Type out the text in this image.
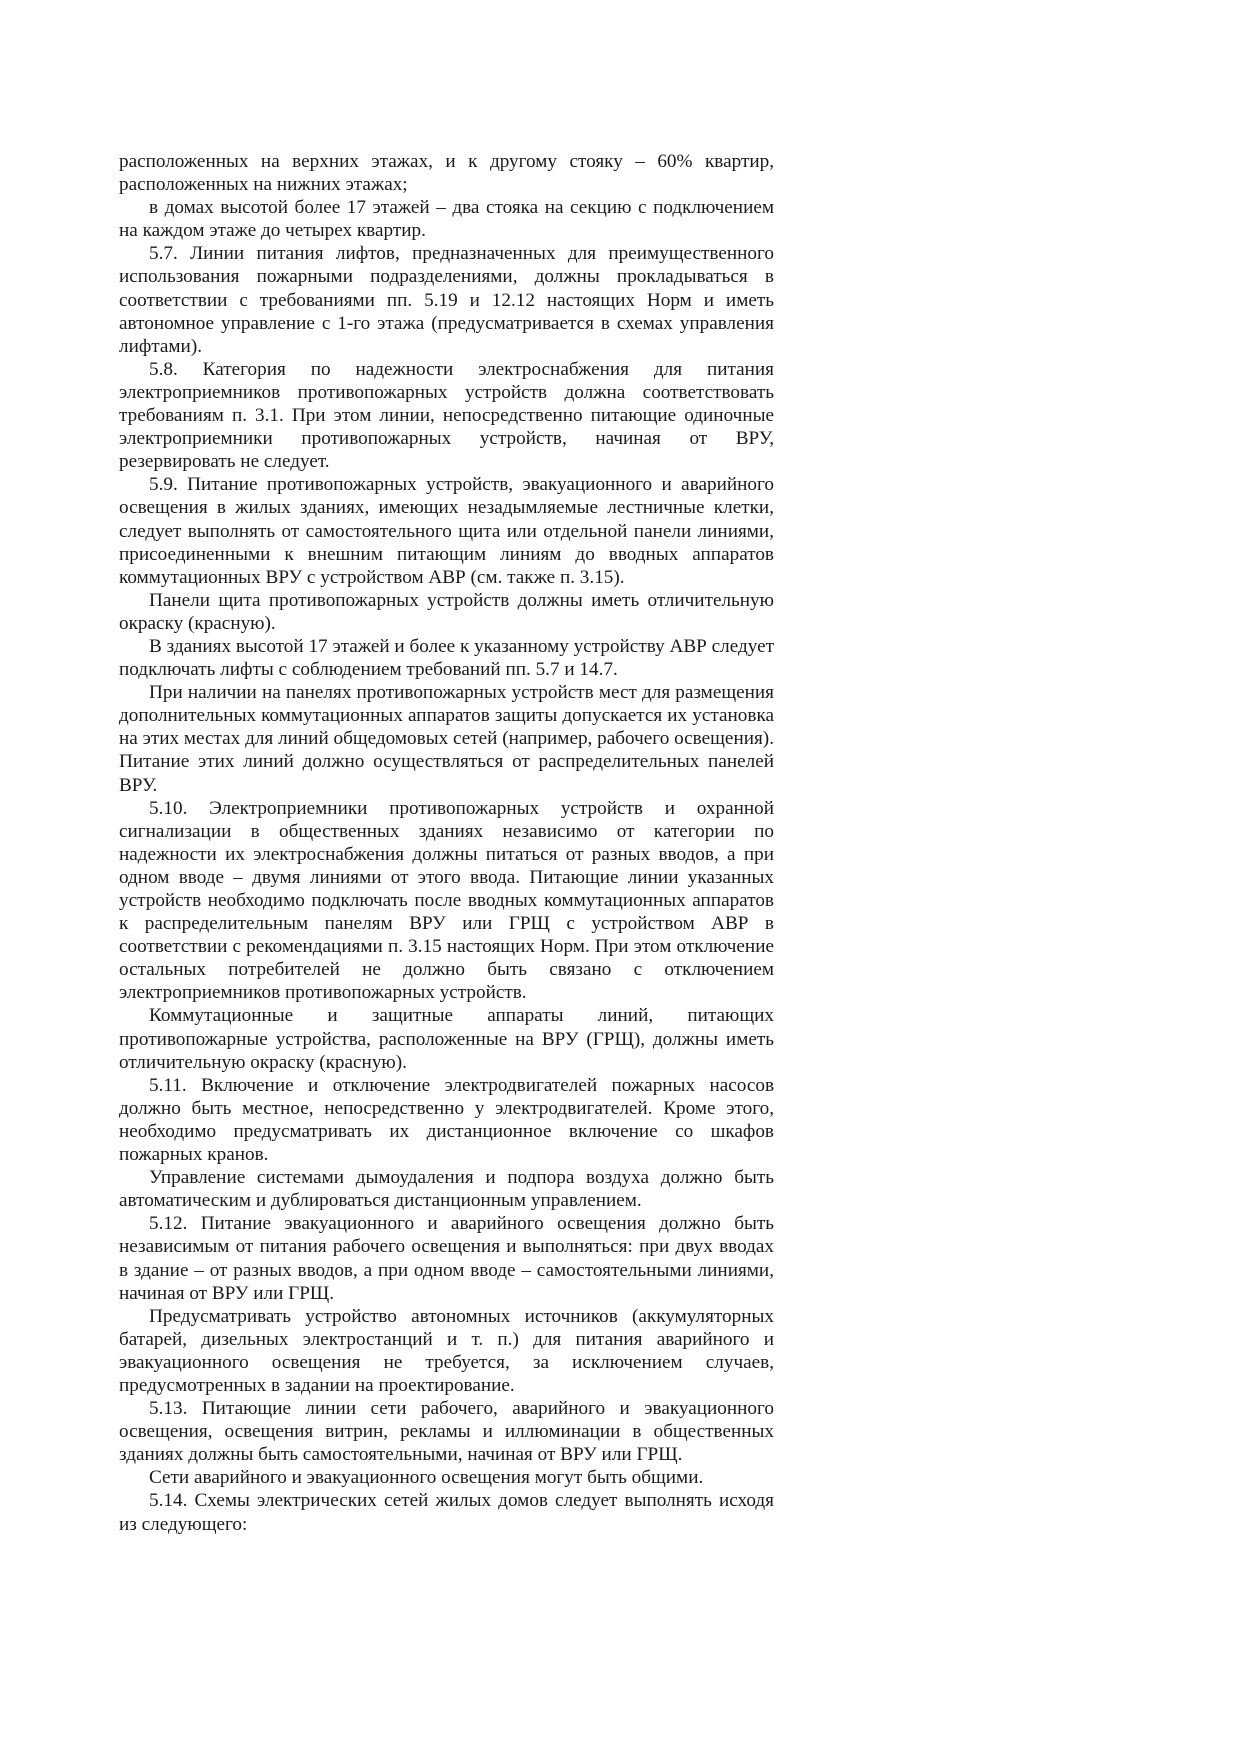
расположенных на верхних этажах, и к другому стояку – 60% квартир, расположенных на нижних этажах;

в домах высотой более 17 этажей – два стояка на секцию с подключением на каждом этаже до четырех квартир.

5.7. Линии питания лифтов, предназначенных для преимущественного использования пожарными подразделениями, должны прокладываться в соответствии с требованиями пп. 5.19 и 12.12 настоящих Норм и иметь автономное управление с 1-го этажа (предусматривается в схемах управления лифтами).

5.8. Категория по надежности электроснабжения для питания электроприемников противопожарных устройств должна соответствовать требованиям п. 3.1. При этом линии, непосредственно питающие одиночные электроприемники противопожарных устройств, начиная от ВРУ, резервировать не следует.

5.9. Питание противопожарных устройств, эвакуационного и аварийного освещения в жилых зданиях, имеющих незадымляемые лестничные клетки, следует выполнять от самостоятельного щита или отдельной панели линиями, присоединенными к внешним питающим линиям до вводных аппаратов коммутационных ВРУ с устройством АВР (см. также п. 3.15).

Панели щита противопожарных устройств должны иметь отличительную окраску (красную).

В зданиях высотой 17 этажей и более к указанному устройству АВР следует подключать лифты с соблюдением требований пп. 5.7 и 14.7.

При наличии на панелях противопожарных устройств мест для размещения дополнительных коммутационных аппаратов защиты допускается их установка на этих местах для линий общедомовых сетей (например, рабочего освещения). Питание этих линий должно осуществляться от распределительных панелей ВРУ.

5.10. Электроприемники противопожарных устройств и охранной сигнализации в общественных зданиях независимо от категории по надежности их электроснабжения должны питаться от разных вводов, а при одном вводе – двумя линиями от этого ввода. Питающие линии указанных устройств необходимо подключать после вводных коммутационных аппаратов к распределительным панелям ВРУ или ГРЩ с устройством АВР в соответствии с рекомендациями п. 3.15 настоящих Норм. При этом отключение остальных потребителей не должно быть связано с отключением электроприемников противопожарных устройств.

Коммутационные и защитные аппараты линий, питающих противопожарные устройства, расположенные на ВРУ (ГРЩ), должны иметь отличительную окраску (красную).

5.11. Включение и отключение электродвигателей пожарных насосов должно быть местное, непосредственно у электродвигателей. Кроме этого, необходимо предусматривать их дистанционное включение со шкафов пожарных кранов.

Управление системами дымоудаления и подпора воздуха должно быть автоматическим и дублироваться дистанционным управлением.

5.12. Питание эвакуационного и аварийного освещения должно быть независимым от питания рабочего освещения и выполняться: при двух вводах в здание – от разных вводов, а при одном вводе – самостоятельными линиями, начиная от ВРУ или ГРЩ.

Предусматривать устройство автономных источников (аккумуляторных батарей, дизельных электростанций и т. п.) для питания аварийного и эвакуационного освещения не требуется, за исключением случаев, предусмотренных в задании на проектирование.

5.13. Питающие линии сети рабочего, аварийного и эвакуационного освещения, освещения витрин, рекламы и иллюминации в общественных зданиях должны быть самостоятельными, начиная от ВРУ или ГРЩ.

Сети аварийного и эвакуационного освещения могут быть общими.

5.14. Схемы электрических сетей жилых домов следует выполнять исходя из следующего:
